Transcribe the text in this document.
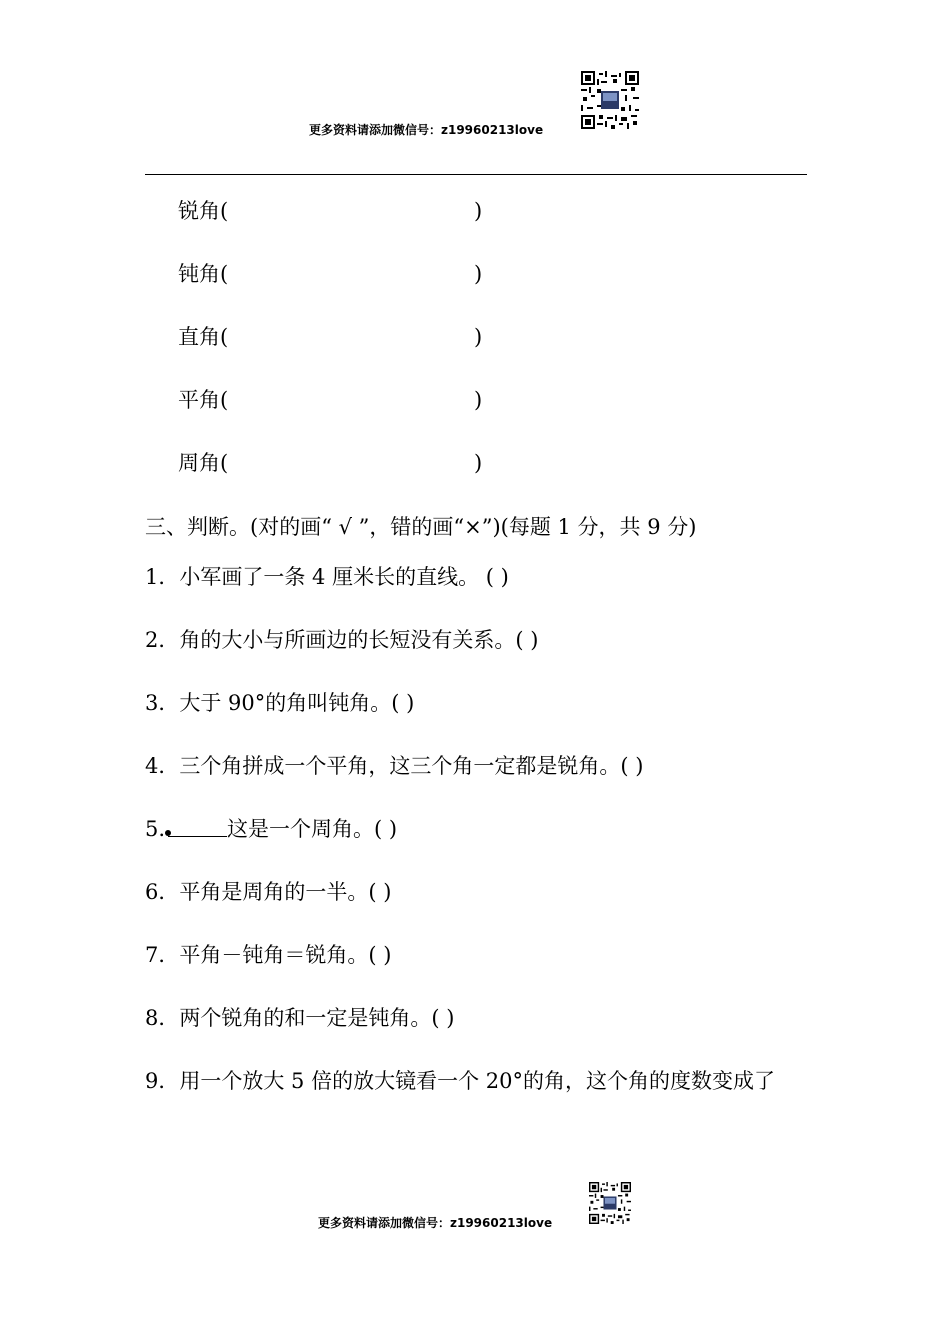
更多资料请添加微信号：z19960213love
锐角(	)
钝角(	)
直角(	)
平角(	)
周角(	)
三、判断。(对的画“ √ ”，错的画“×”)(每题 1 分，共 9 分)
1．小军画了一条 4 厘米长的直线。 ( )
2．角的大小与所画边的长短没有关系。( )
3．大于 90°的角叫钝角。( )
4．三个角拼成一个平角，这三个角一定都是锐角。( )
5.	这是一个周角。( )
6．平角是周角的一半。( )
7．平角－钝角＝锐角。( )
8．两个锐角的和一定是钝角。( )
9．用一个放大 5 倍的放大镜看一个 20°的角，这个角的度数变成了
更多资料请添加微信号：z19960213love
